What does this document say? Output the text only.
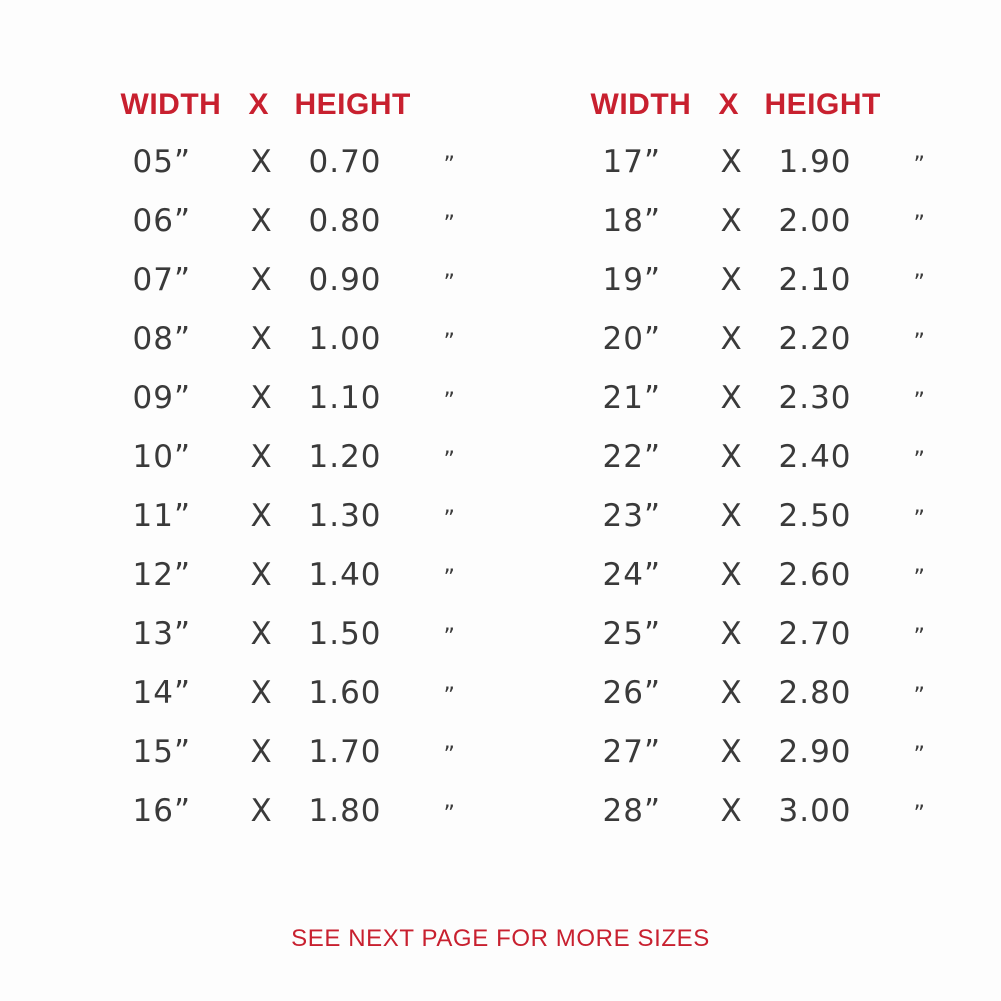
WIDTH X HEIGHT
05”	X	0.70	”
06”	X	0.80	”
07”	X	0.90	”
08”	X	1.00	”
09”	X	1.10	”
10”	X	1.20	”
11”	X	1.30	”
12”	X	1.40	”
13”	X	1.50	”
14”	X	1.60	”
15”	X	1.70	”
16”	X	1.80	”
WIDTH X HEIGHT
17”	X	1.90	”
18”	X	2.00	”
19”	X	2.10	”
20”	X	2.20	”
21”	X	2.30	”
22”	X	2.40	”
23”	X	2.50	”
24”	X	2.60	”
25”	X	2.70	”
26”	X	2.80	”
27”	X	2.90	”
28”	X	3.00	”
SEE NEXT PAGE FOR MORE SIZES
